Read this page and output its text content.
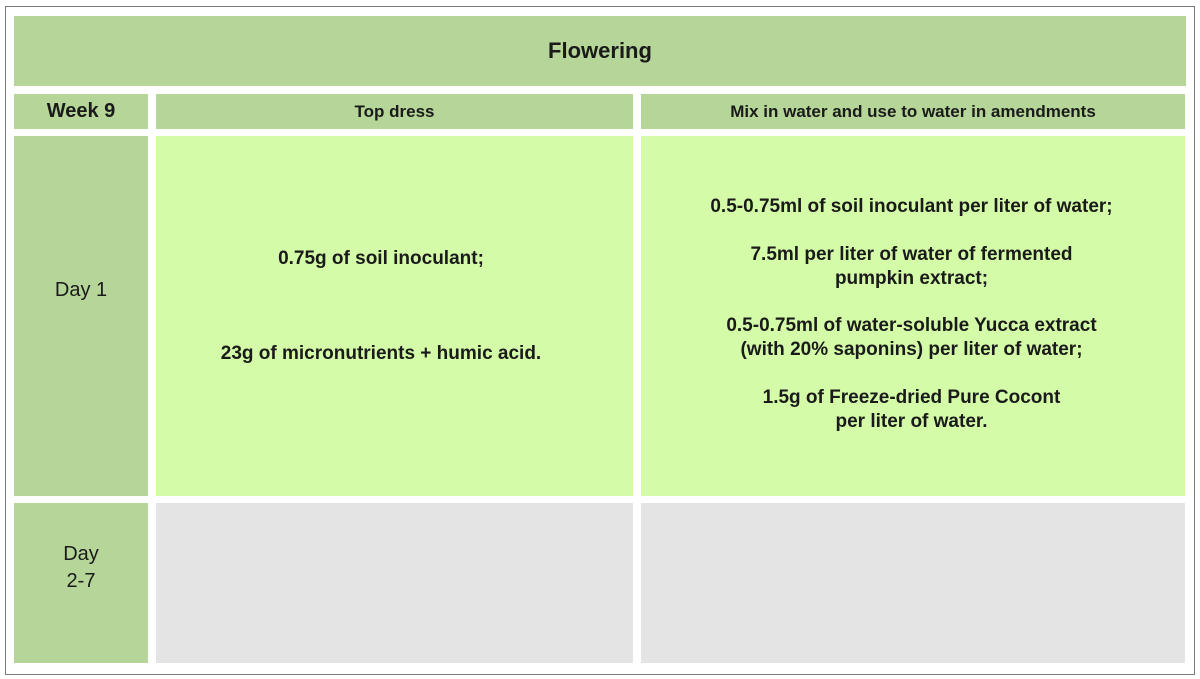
Flowering
Week 9	Top dress	Mix in water and use to water in amendments
Day 1
0.75g of soil inoculant;
23g of micronutrients + humic acid.
0.5-0.75ml of soil inoculant per liter of water;
7.5ml per liter of water of fermented
pumpkin extract;
0.5-0.75ml of water-soluble Yucca extract
(with 20% saponins) per liter of water;
1.5g of Freeze-dried Pure Cocont
per liter of water.
Day
2-7
